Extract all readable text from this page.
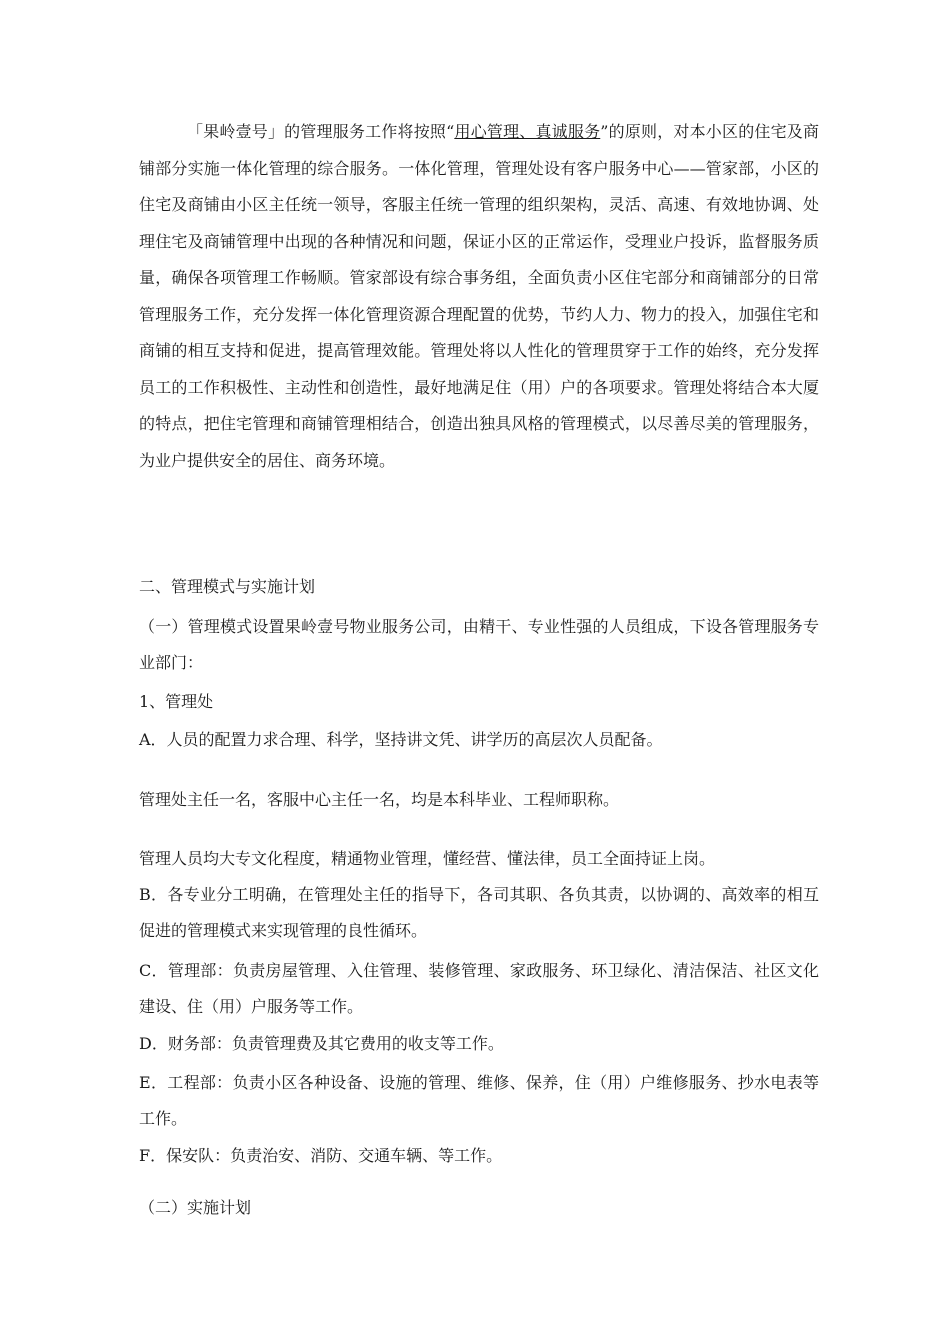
「果岭壹号」的管理服务工作将按照“用心管理、真诚服务”的原则，对本小区的住宅及商铺部分实施一体化管理的综合服务。一体化管理，管理处设有客户服务中心——管家部，小区的住宅及商铺由小区主任统一领导，客服主任统一管理的组织架构，灵活、高速、有效地协调、处理住宅及商铺管理中出现的各种情况和问题，保证小区的正常运作，受理业户投诉，监督服务质量，确保各项管理工作畅顺。管家部设有综合事务组，全面负责小区住宅部分和商铺部分的日常管理服务工作，充分发挥一体化管理资源合理配置的优势，节约人力、物力的投入，加强住宅和商铺的相互支持和促进，提高管理效能。管理处将以人性化的管理贯穿于工作的始终，充分发挥员工的工作积极性、主动性和创造性，最好地满足住（用）户的各项要求。管理处将结合本大厦的特点，把住宅管理和商铺管理相结合，创造出独具风格的管理模式，以尽善尽美的管理服务，为业户提供安全的居住、商务环境。

二、管理模式与实施计划

（一）管理模式设置果岭壹号物业服务公司，由精干、专业性强的人员组成，下设各管理服务专业部门：

1、管理处

A．人员的配置力求合理、科学，坚持讲文凭、讲学历的高层次人员配备。

管理处主任一名，客服中心主任一名，均是本科毕业、工程师职称。

管理人员均大专文化程度，精通物业管理，懂经营、懂法律，员工全面持证上岗。

B．各专业分工明确，在管理处主任的指导下，各司其职、各负其责，以协调的、高效率的相互促进的管理模式来实现管理的良性循环。

C．管理部：负责房屋管理、入住管理、装修管理、家政服务、环卫绿化、清洁保洁、社区文化建设、住（用）户服务等工作。

D．财务部：负责管理费及其它费用的收支等工作。

E．工程部：负责小区各种设备、设施的管理、维修、保养，住（用）户维修服务、抄水电表等工作。

F．保安队：负责治安、消防、交通车辆、等工作。

（二）实施计划
